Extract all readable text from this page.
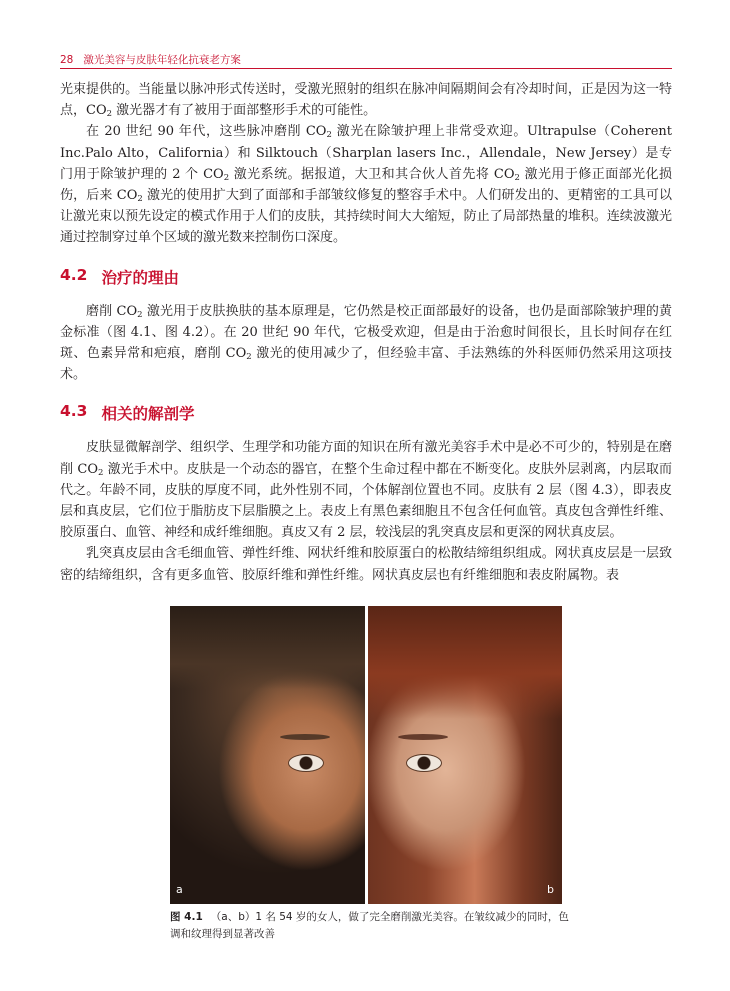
28 激光美容与皮肤年轻化抗衰老方案

光束提供的。当能量以脉冲形式传送时，受激光照射的组织在脉冲间隔期间会有冷却时间，正是因为这一特点，$CO_2$ 激光器才有了被用于面部整形手术的可能性。

在 20 世纪 90 年代，这些脉冲磨削 $CO_2$ 激光在除皱护理上非常受欢迎。Ultrapulse（Coherent Inc.Palo Alto，California）和 Silktouch（Sharplan lasers Inc.，Allendale，New Jersey）是专门用于除皱护理的 2 个 $CO_2$ 激光系统。据报道，大卫和其合伙人首先将 $CO_2$ 激光用于修正面部光化损伤，后来 $CO_2$ 激光的使用扩大到了面部和手部皱纹修复的整容手术中。人们研发出的、更精密的工具可以让激光束以预先设定的模式作用于人们的皮肤，其持续时间大大缩短，防止了局部热量的堆积。连续波激光通过控制穿过单个区域的激光数来控制伤口深度。

4.2 治疗的理由

磨削 $CO_2$ 激光用于皮肤换肤的基本原理是，它仍然是校正面部最好的设备，也仍是面部除皱护理的黄金标准（图 4.1、图 4.2）。在 20 世纪 90 年代，它极受欢迎，但是由于治愈时间很长，且长时间存在红斑、色素异常和疤痕，磨削 $CO_2$ 激光的使用减少了，但经验丰富、手法熟练的外科医师仍然采用这项技术。

4.3 相关的解剖学

皮肤显微解剖学、组织学、生理学和功能方面的知识在所有激光美容手术中是必不可少的，特别是在磨削 $CO_2$ 激光手术中。皮肤是一个动态的器官，在整个生命过程中都在不断变化。皮肤外层剥离，内层取而代之。年龄不同，皮肤的厚度不同，此外性别不同，个体解剖位置也不同。皮肤有 2 层（图 4.3），即表皮层和真皮层，它们位于脂肪皮下层脂膜之上。表皮上有黑色素细胞且不包含任何血管。真皮包含弹性纤维、胶原蛋白、血管、神经和成纤维细胞。真皮又有 2 层，较浅层的乳突真皮层和更深的网状真皮层。

乳突真皮层由含毛细血管、弹性纤维、网状纤维和胶原蛋白的松散结缔组织组成。网状真皮层是一层致密的结缔组织，含有更多血管、胶原纤维和弹性纤维。网状真皮层也有纤维细胞和表皮附属物。表

a	b
图 4.1 （a、b）1 名 54 岁的女人，做了完全磨削激光美容。在皱纹减少的同时，色调和纹理得到显著改善
